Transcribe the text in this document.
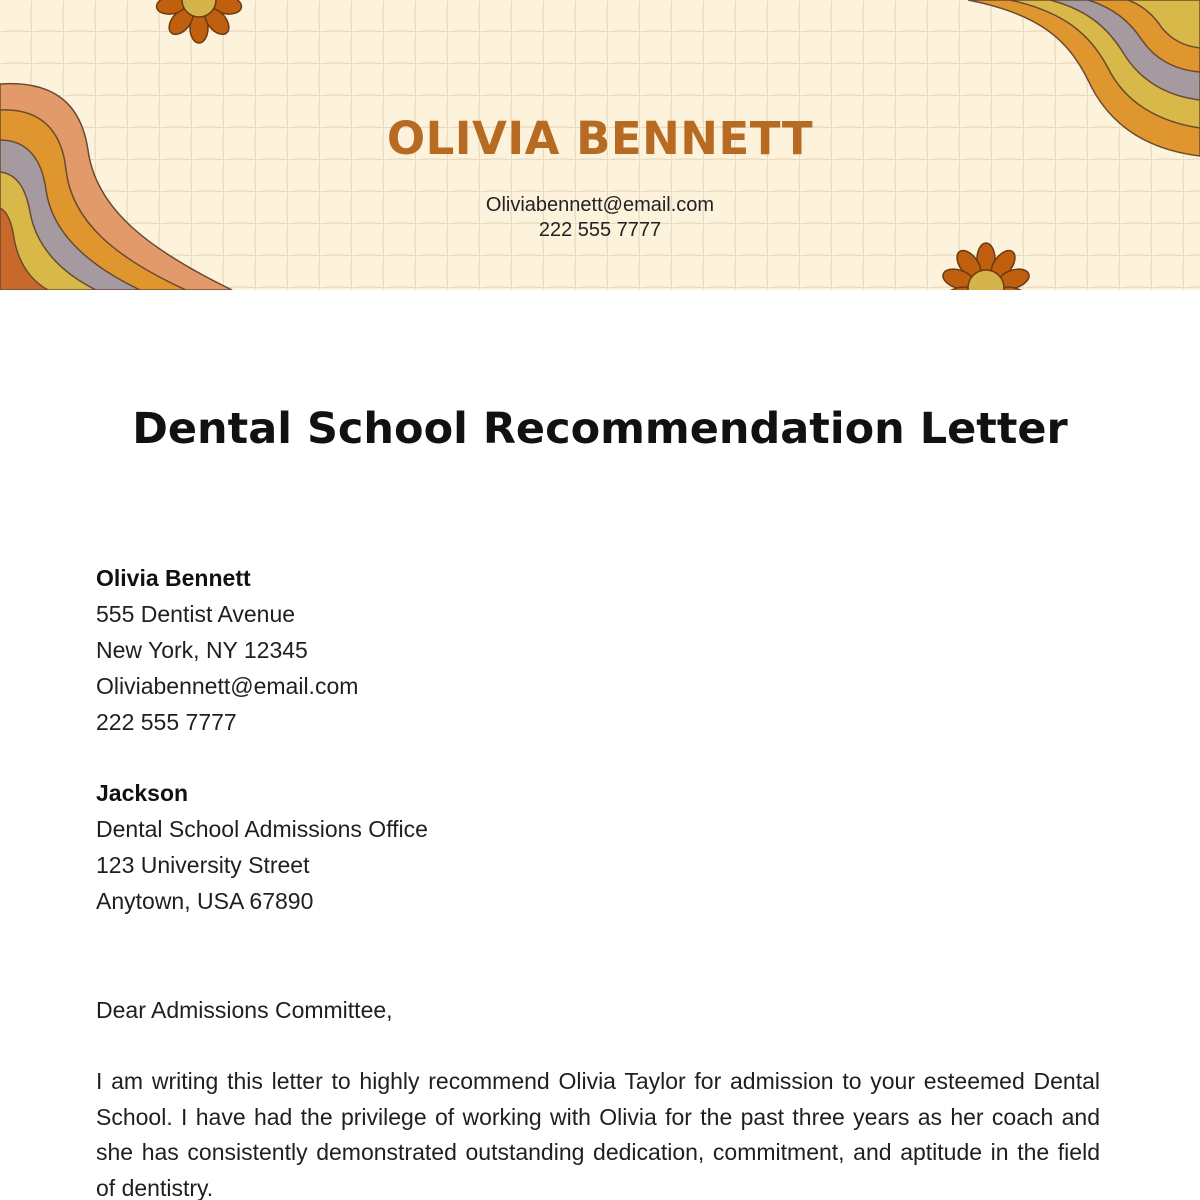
OLIVIA BENNETT
Oliviabennett@email.com
222 555 7777
Dental School Recommendation Letter
Olivia Bennett
555 Dentist Avenue
New York, NY 12345
Oliviabennett@email.com
222 555 7777
Jackson
Dental School Admissions Office
123 University Street
Anytown, USA 67890
Dear Admissions Committee,

I am writing this letter to highly recommend Olivia Taylor for admission to your esteemed Dental School. I have had the privilege of working with Olivia for the past three years as her coach and she has consistently demonstrated outstanding dedication, commitment, and aptitude in the field of dentistry.
